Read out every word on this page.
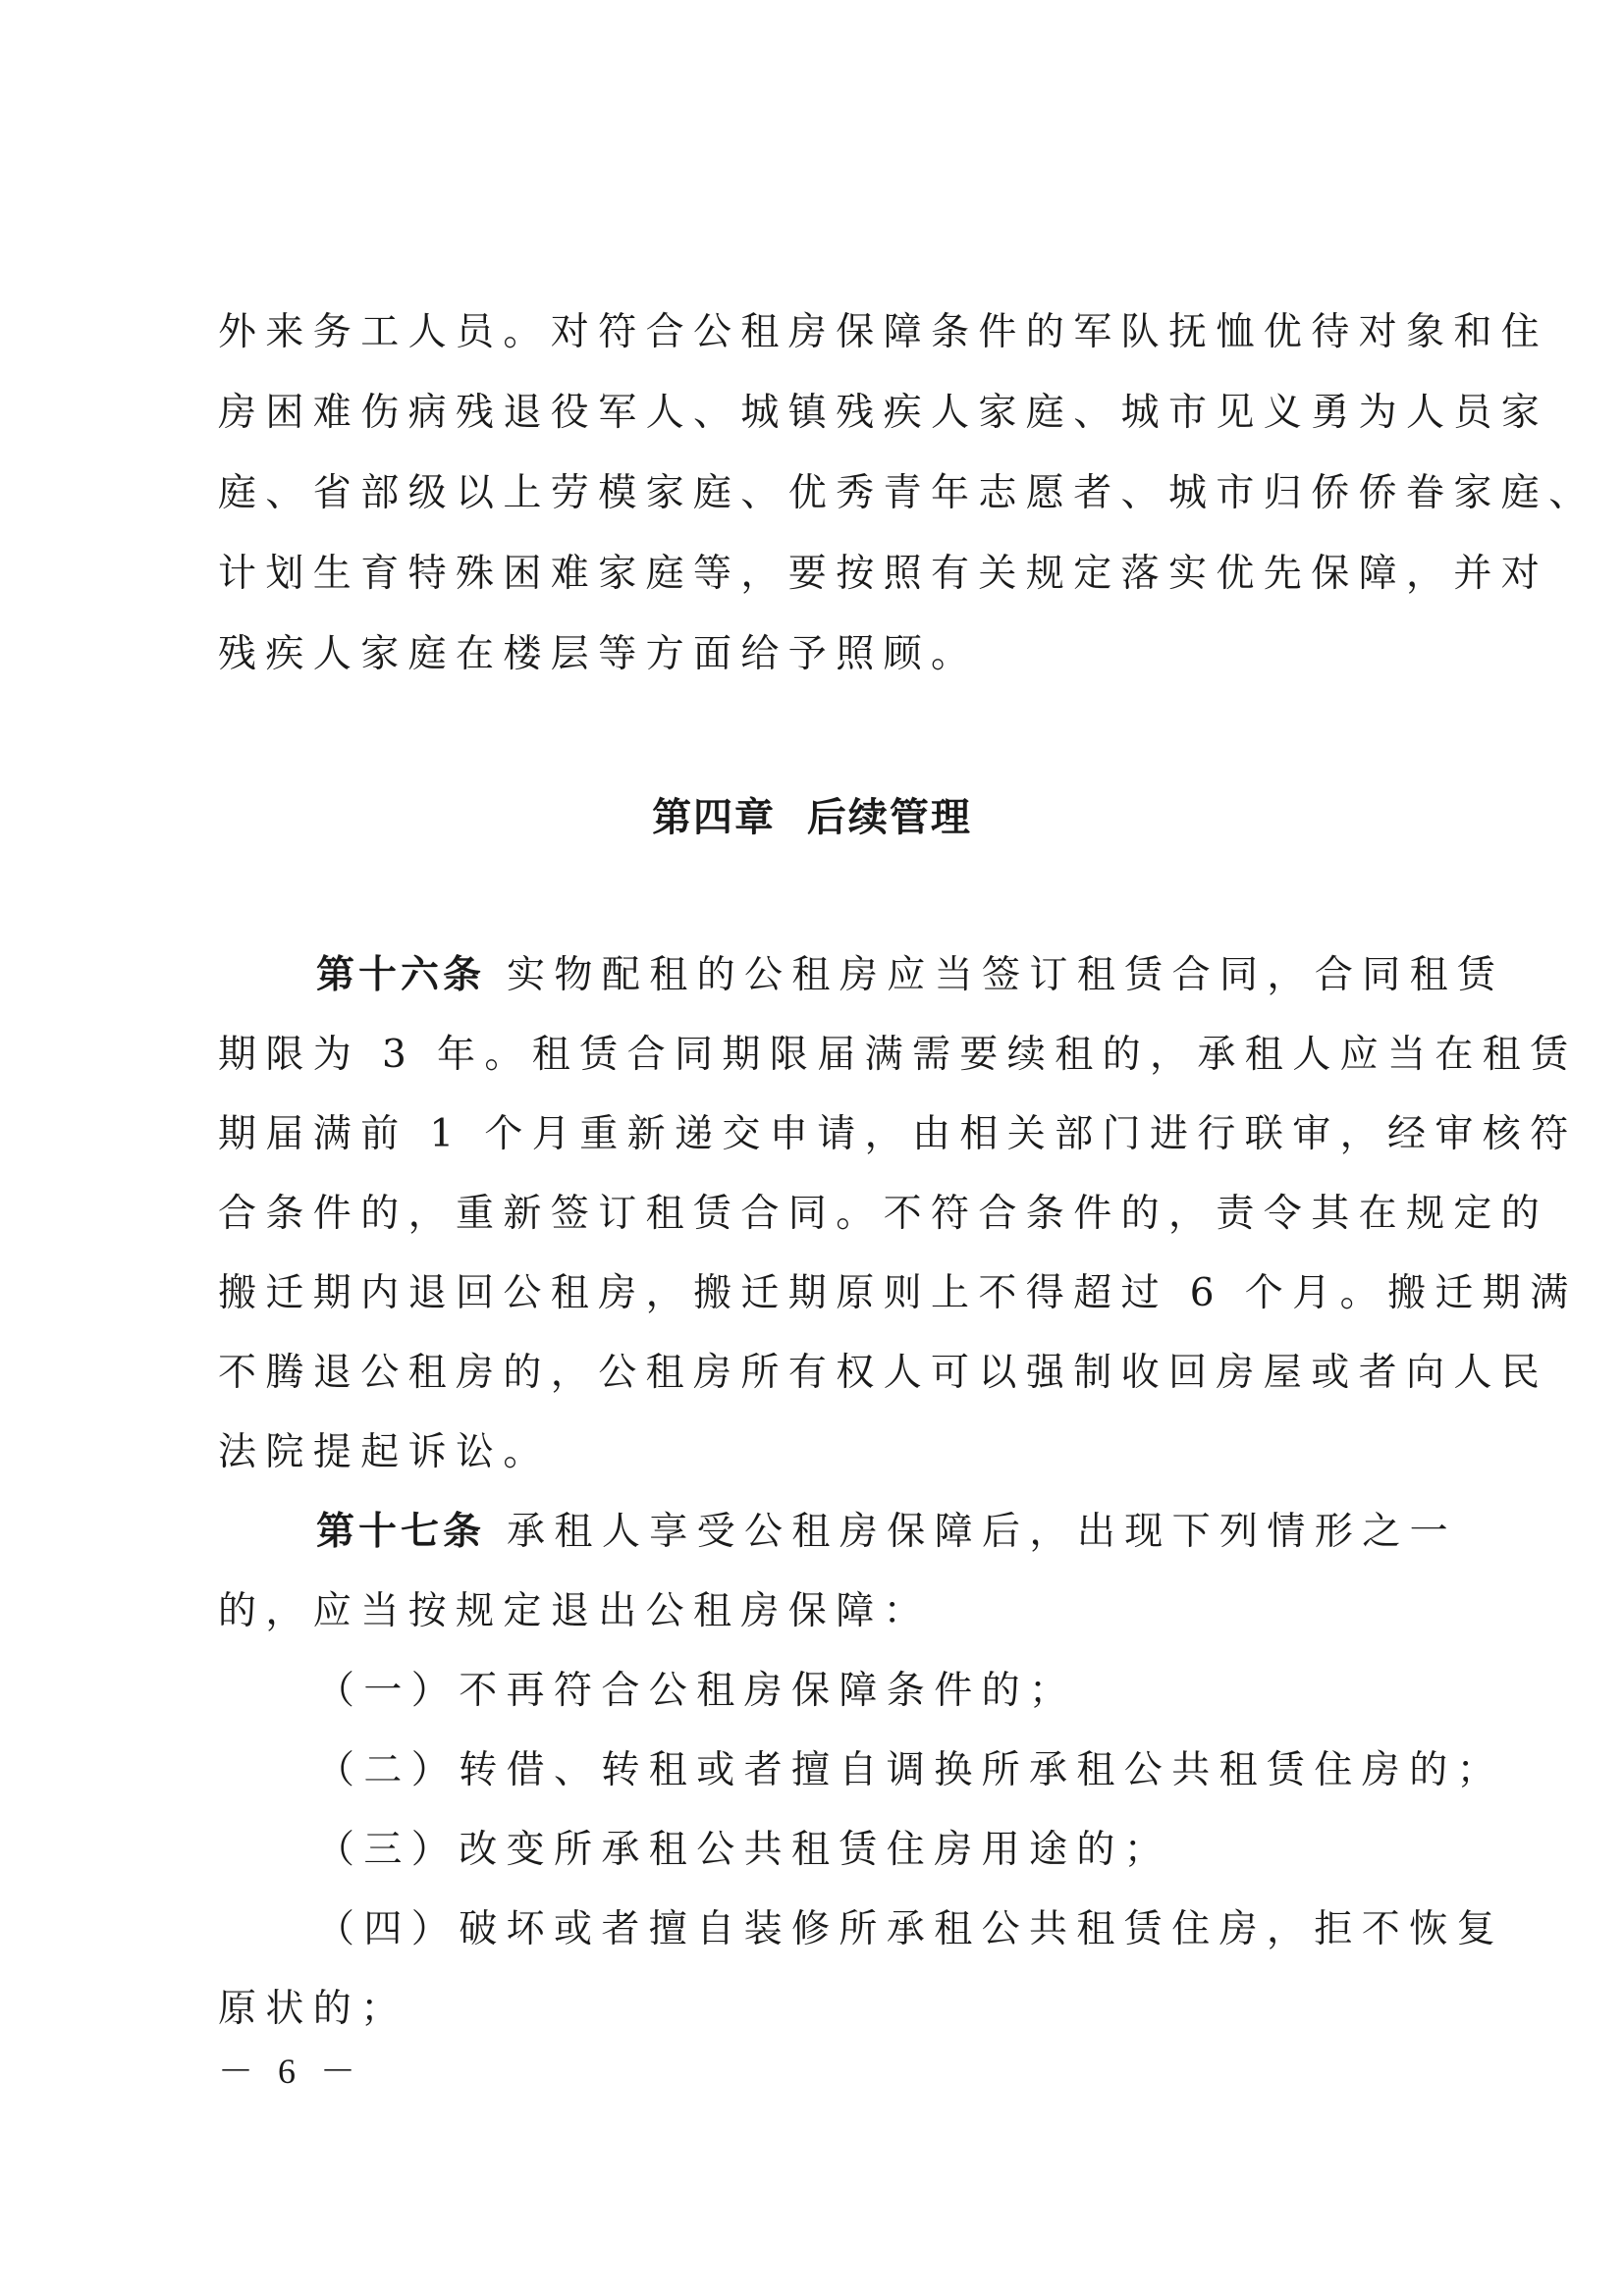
外来务工人员。对符合公租房保障条件的军队抚恤优待对象和住
房困难伤病残退役军人、城镇残疾人家庭、城市见义勇为人员家
庭、省部级以上劳模家庭、优秀青年志愿者、城市归侨侨眷家庭、
计划生育特殊困难家庭等，要按照有关规定落实优先保障，并对
残疾人家庭在楼层等方面给予照顾。
第四章  后续管理
第十六条 实物配租的公租房应当签订租赁合同，合同租赁
期限为 3 年。租赁合同期限届满需要续租的，承租人应当在租赁
期届满前 1 个月重新递交申请，由相关部门进行联审，经审核符
合条件的，重新签订租赁合同。不符合条件的，责令其在规定的
搬迁期内退回公租房，搬迁期原则上不得超过 6 个月。搬迁期满
不腾退公租房的，公租房所有权人可以强制收回房屋或者向人民
法院提起诉讼。
第十七条 承租人享受公租房保障后，出现下列情形之一
的，应当按规定退出公租房保障：
（一）不再符合公租房保障条件的；
（二）转借、转租或者擅自调换所承租公共租赁住房的；
（三）改变所承租公共租赁住房用途的；
（四）破坏或者擅自装修所承租公共租赁住房，拒不恢复
原状的；
－ 6 －
